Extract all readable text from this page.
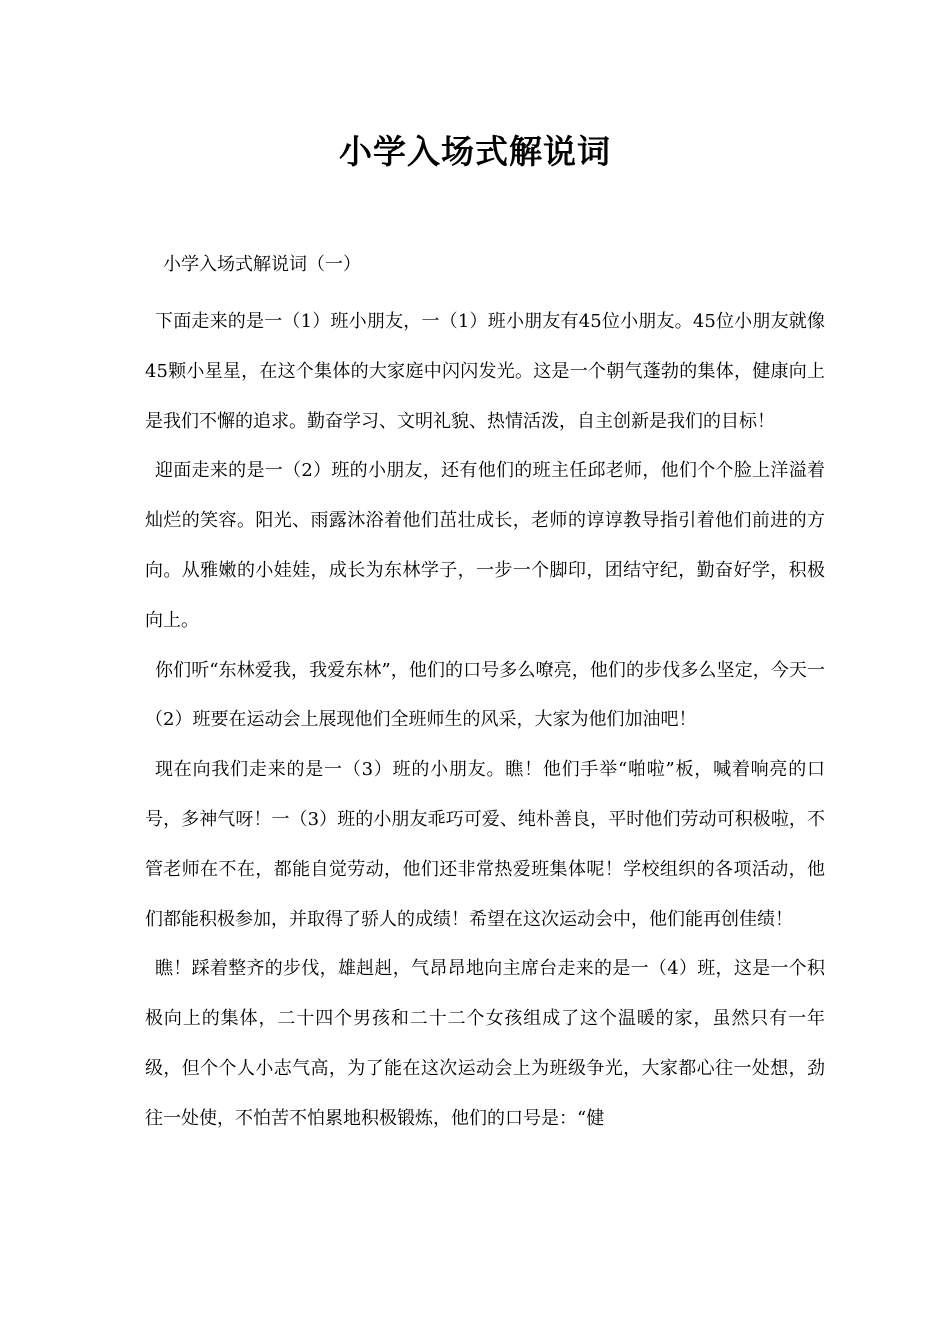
小学入场式解说词

小学入场式解说词（一）

下面走来的是一（1）班小朋友，一（1）班小朋友有45位小朋友。45位小朋友就像45颗小星星，在这个集体的大家庭中闪闪发光。这是一个朝气蓬勃的集体，健康向上是我们不懈的追求。勤奋学习、文明礼貌、热情活泼，自主创新是我们的目标！

迎面走来的是一（2）班的小朋友，还有他们的班主任邱老师，他们个个脸上洋溢着灿烂的笑容。阳光、雨露沐浴着他们茁壮成长，老师的谆谆教导指引着他们前进的方向。从雅嫩的小娃娃，成长为东林学子，一步一个脚印，团结守纪，勤奋好学，积极向上。

你们听“东林爱我，我爱东林”，他们的口号多么嘹亮，他们的步伐多么坚定，今天一（2）班要在运动会上展现他们全班师生的风采，大家为他们加油吧！

现在向我们走来的是一（3）班的小朋友。瞧！他们手举“啪啦”板，喊着响亮的口号，多神气呀！一（3）班的小朋友乖巧可爱、纯朴善良，平时他们劳动可积极啦，不管老师在不在，都能自觉劳动，他们还非常热爱班集体呢！学校组织的各项活动，他们都能积极参加，并取得了骄人的成绩！希望在这次运动会中，他们能再创佳绩！

瞧！踩着整齐的步伐，雄赳赳，气昂昂地向主席台走来的是一（4）班，这是一个积极向上的集体，二十四个男孩和二十二个女孩组成了这个温暖的家，虽然只有一年级，但个个人小志气高，为了能在这次运动会上为班级争光，大家都心往一处想，劲往一处使，不怕苦不怕累地积极锻炼，他们的口号是：“健
